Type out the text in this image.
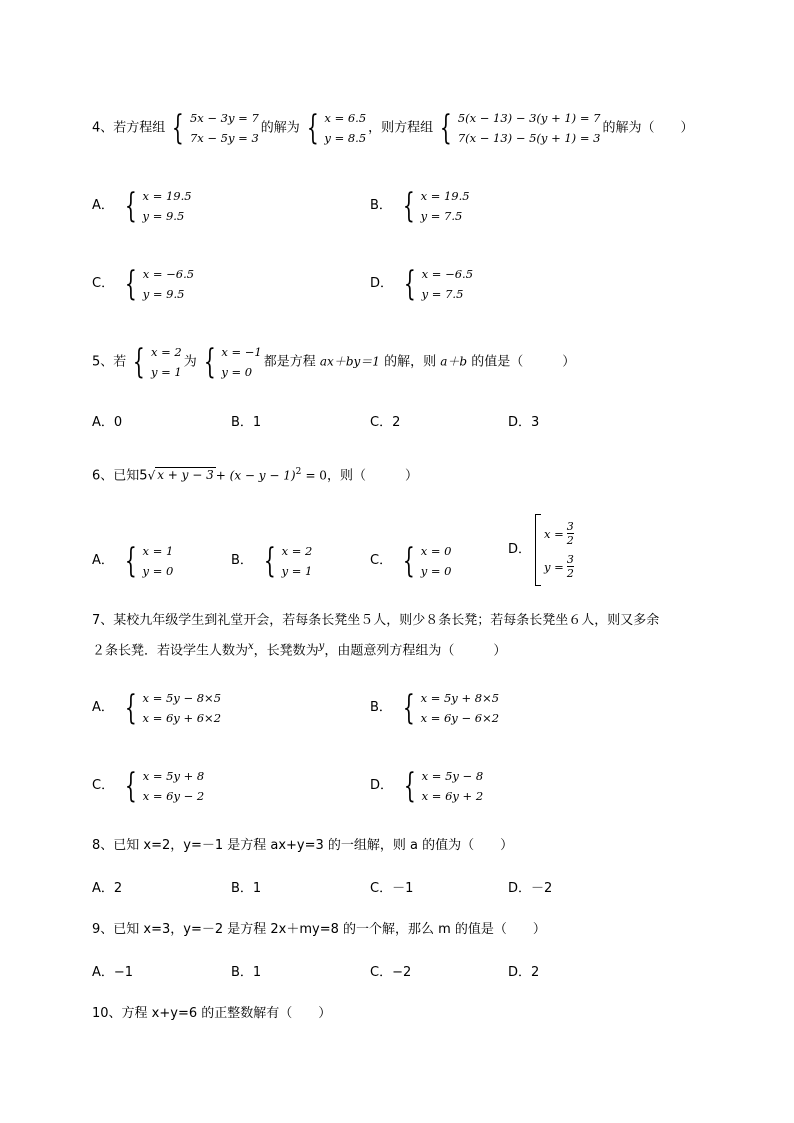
4、若方程组 { 5x − 3y = 7
7x − 5y = 3
的解为 { x = 6.5
y = 8.5
，则方程组 { 5(x − 13) − 3(y + 1) = 7
7(x − 13) − 5(y + 1) = 3
的解为（　　）
A． { x = 19.5
y = 9.5
B． { x = 19.5
y = 7.5
C． { x = −6.5
y = 9.5
D． { x = −6.5
y = 7.5
5、若 { x = 2
y = 1
为 { x = −1
y = 0
都是方程 ax＋by＝1 的解，则 a＋b 的值是（　　　）
A．0	B．1	C．2	D．3
6、已知5√ $x + y - 3 + (x - y - 1)^2 = 0$，则（　　　）
A． { x = 1
y = 0
B． { x = 2
y = 1
C． { x = 0
y = 0
D．
$x = \frac{3}{2}$
$y = \frac{3}{2}$
7、某校九年级学生到礼堂开会，若每条长凳坐５人，则少８条长凳；若每条长凳坐６人，则又多余
２条长凳．若设学生人数为$^x$，长凳数为$^y$，由题意列方程组为（　　　）
A． { x = 5y − 8×5
x = 6y + 6×2
B． { x = 5y + 8×5
x = 6y − 6×2
C． { x = 5y + 8
x = 6y − 2
D． { x = 5y − 8
x = 6y + 2
8、已知 x=2，y=－1 是方程 ax+y=3 的一组解，则 a 的值为（　　）
A．2	B．1	C．－1	D．－2
9、已知 x=3，y=－2 是方程 2x＋my=8 的一个解，那么 m 的值是（　　）
A．−1	B．1	C．−2	D．2
10、方程 x+y=6 的正整数解有（　　）
